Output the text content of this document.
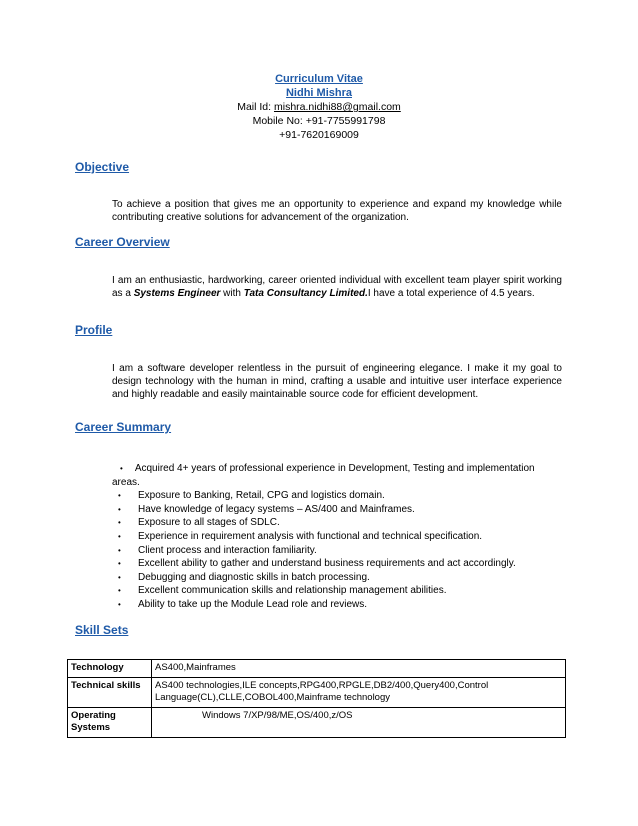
Curriculum Vitae
Nidhi Mishra
Mail Id: mishra.nidhi88@gmail.com
Mobile No: +91-7755991798
+91-7620169009
Objective
To achieve a position that gives me an opportunity to experience and expand my knowledge while contributing creative solutions for advancement of the organization.
Career Overview
I am an enthusiastic, hardworking, career oriented individual with excellent team player spirit working as a Systems Engineer with Tata Consultancy Limited.I have a total experience of 4.5 years.
Profile
I am a software developer relentless in the pursuit of engineering elegance. I make it my goal to design technology with the human in mind, crafting a usable and intuitive user interface experience and highly readable and easily maintainable source code for efficient development.
Career Summary
• Acquired 4+ years of professional experience in Development, Testing and implementation areas.
• Exposure to Banking, Retail, CPG and logistics domain.
• Have knowledge of legacy systems – AS/400 and Mainframes.
• Exposure to all stages of SDLC.
• Experience in requirement analysis with functional and technical specification.
• Client process and interaction familiarity.
• Excellent ability to gather and understand business requirements and act accordingly.
• Debugging and diagnostic skills in batch processing.
• Excellent communication skills and relationship management abilities.
• Ability to take up the Module Lead role and reviews.
Skill Sets
Technology	AS400,Mainframes
Technical skills	AS400 technologies,ILE concepts,RPG400,RPGLE,DB2/400,Query400,Control Language(CL),CLLE,COBOL400,Mainframe technology
Operating Systems	Windows 7/XP/98/ME,OS/400,z/OS
